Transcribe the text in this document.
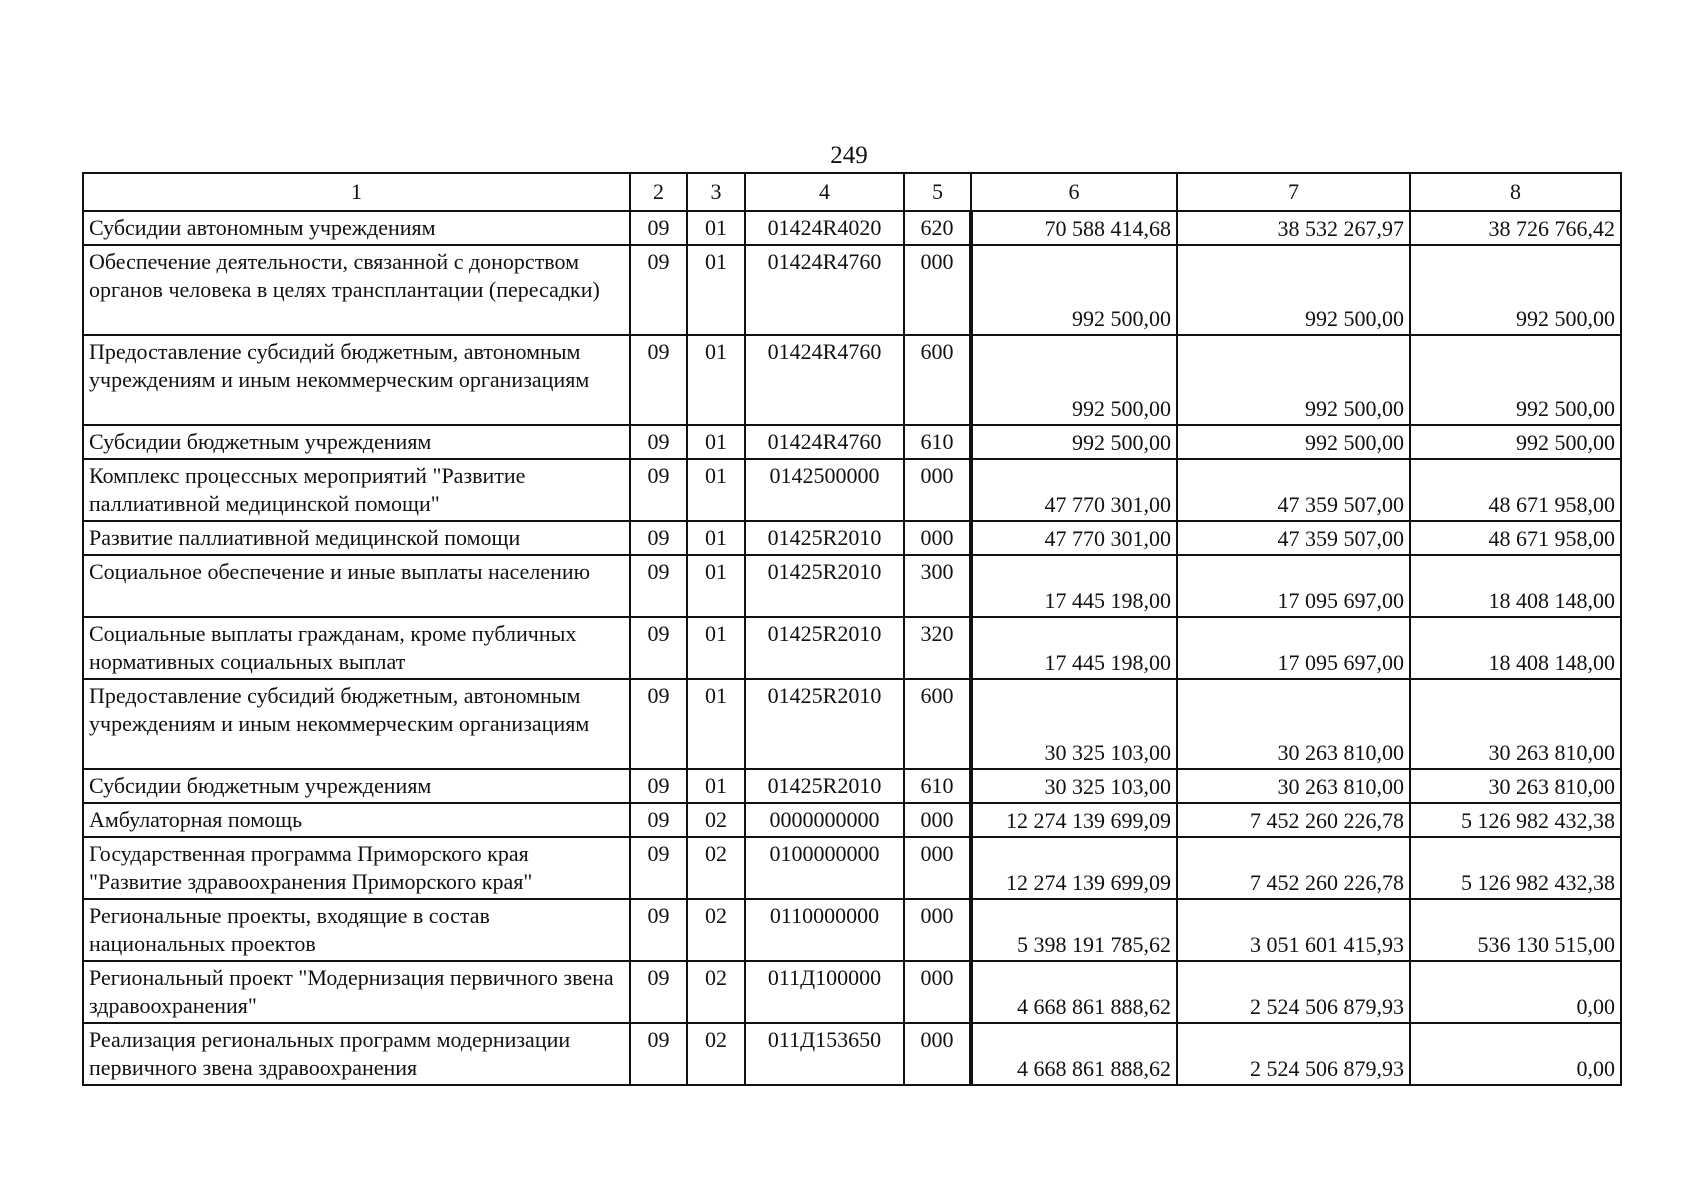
249
1	2	3	4	5	6	7	8
Субсидии автономным учреждениям	09	01	01424R4020	620	70 588 414,68	38 532 267,97	38 726 766,42
Обеспечение деятельности, связанной с донорством органов человека в целях трансплантации (пересадки)	09	01	01424R4760	000	992 500,00	992 500,00	992 500,00
Предоставление субсидий бюджетным, автономным учреждениям и иным некоммерческим организациям	09	01	01424R4760	600	992 500,00	992 500,00	992 500,00
Субсидии бюджетным учреждениям	09	01	01424R4760	610	992 500,00	992 500,00	992 500,00
Комплекс процессных мероприятий "Развитие паллиативной медицинской помощи"	09	01	0142500000	000	47 770 301,00	47 359 507,00	48 671 958,00
Развитие паллиативной медицинской помощи	09	01	01425R2010	000	47 770 301,00	47 359 507,00	48 671 958,00
Социальное обеспечение и иные выплаты населению	09	01	01425R2010	300	17 445 198,00	17 095 697,00	18 408 148,00
Социальные выплаты гражданам, кроме публичных нормативных социальных выплат	09	01	01425R2010	320	17 445 198,00	17 095 697,00	18 408 148,00
Предоставление субсидий бюджетным, автономным учреждениям и иным некоммерческим организациям	09	01	01425R2010	600	30 325 103,00	30 263 810,00	30 263 810,00
Субсидии бюджетным учреждениям	09	01	01425R2010	610	30 325 103,00	30 263 810,00	30 263 810,00
Амбулаторная помощь	09	02	0000000000	000	12 274 139 699,09	7 452 260 226,78	5 126 982 432,38
Государственная программа Приморского края "Развитие здравоохранения Приморского края"	09	02	0100000000	000	12 274 139 699,09	7 452 260 226,78	5 126 982 432,38
Региональные проекты, входящие в состав национальных проектов	09	02	0110000000	000	5 398 191 785,62	3 051 601 415,93	536 130 515,00
Региональный проект "Модернизация первичного звена здравоохранения"	09	02	011Д100000	000	4 668 861 888,62	2 524 506 879,93	0,00
Реализация региональных программ модернизации первичного звена здравоохранения	09	02	011Д153650	000	4 668 861 888,62	2 524 506 879,93	0,00
